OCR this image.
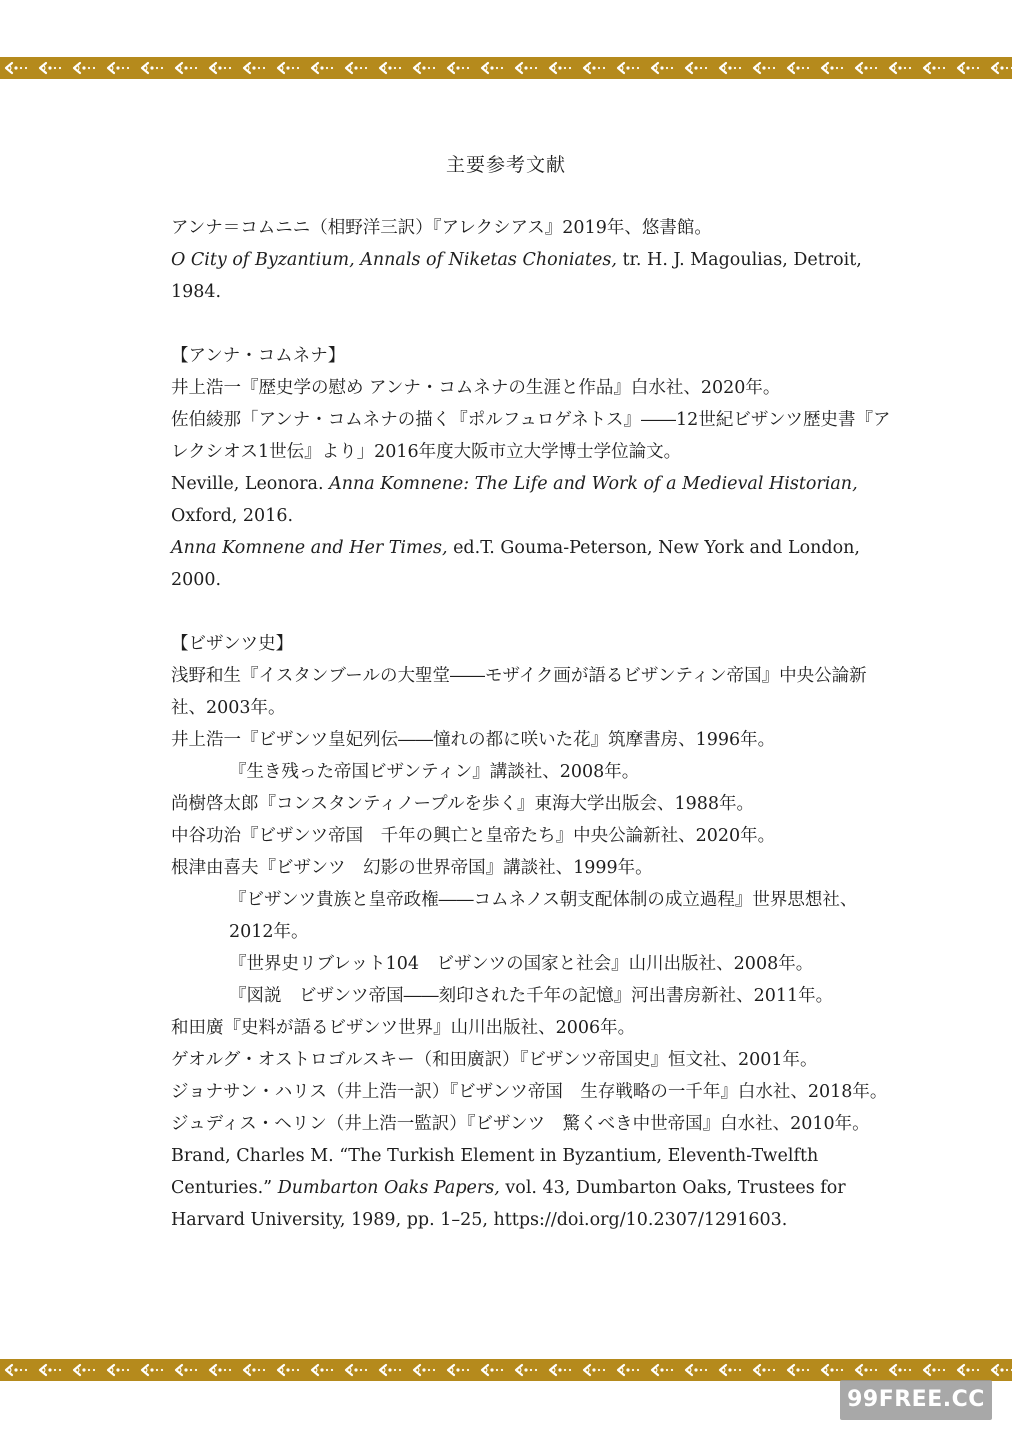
主要参考文献

アンナ＝コムニニ（相野洋三訳）『アレクシアス』2019年、悠書館。

O City of Byzantium, Annals of Niketas Choniates, tr. H. J. Magoulias, Detroit, 1984.

【アンナ・コムネナ】

井上浩一『歴史学の慰め アンナ・コムネナの生涯と作品』白水社、2020年。

佐伯綾那「アンナ・コムネナの描く『ポルフュロゲネトス』――12世紀ビザンツ歴史書『アレクシオス1世伝』より」2016年度大阪市立大学博士学位論文。

Neville, Leonora. Anna Komnene: The Life and Work of a Medieval Historian, Oxford, 2016.

Anna Komnene and Her Times, ed.T. Gouma-Peterson, New York and London, 2000.

【ビザンツ史】

浅野和生『イスタンブールの大聖堂――モザイク画が語るビザンティン帝国』中央公論新社、2003年。

井上浩一『ビザンツ皇妃列伝――憧れの都に咲いた花』筑摩書房、1996年。

『生き残った帝国ビザンティン』講談社、2008年。

尚樹啓太郎『コンスタンティノープルを歩く』東海大学出版会、1988年。

中谷功治『ビザンツ帝国　千年の興亡と皇帝たち』中央公論新社、2020年。

根津由喜夫『ビザンツ　幻影の世界帝国』講談社、1999年。

『ビザンツ貴族と皇帝政権――コムネノス朝支配体制の成立過程』世界思想社、2012年。

『世界史リブレット104　ビザンツの国家と社会』山川出版社、2008年。

『図説　ビザンツ帝国――刻印された千年の記憶』河出書房新社、2011年。

和田廣『史料が語るビザンツ世界』山川出版社、2006年。

ゲオルグ・オストロゴルスキー（和田廣訳）『ビザンツ帝国史』恒文社、2001年。

ジョナサン・ハリス（井上浩一訳）『ビザンツ帝国　生存戦略の一千年』白水社、2018年。

ジュディス・ヘリン（井上浩一監訳）『ビザンツ　驚くべき中世帝国』白水社、2010年。

Brand, Charles M. “The Turkish Element in Byzantium, Eleventh-Twelfth Centuries.” Dumbarton Oaks Papers, vol. 43, Dumbarton Oaks, Trustees for Harvard University, 1989, pp. 1–25, https://doi.org/10.2307/1291603.

99FREE.CC
